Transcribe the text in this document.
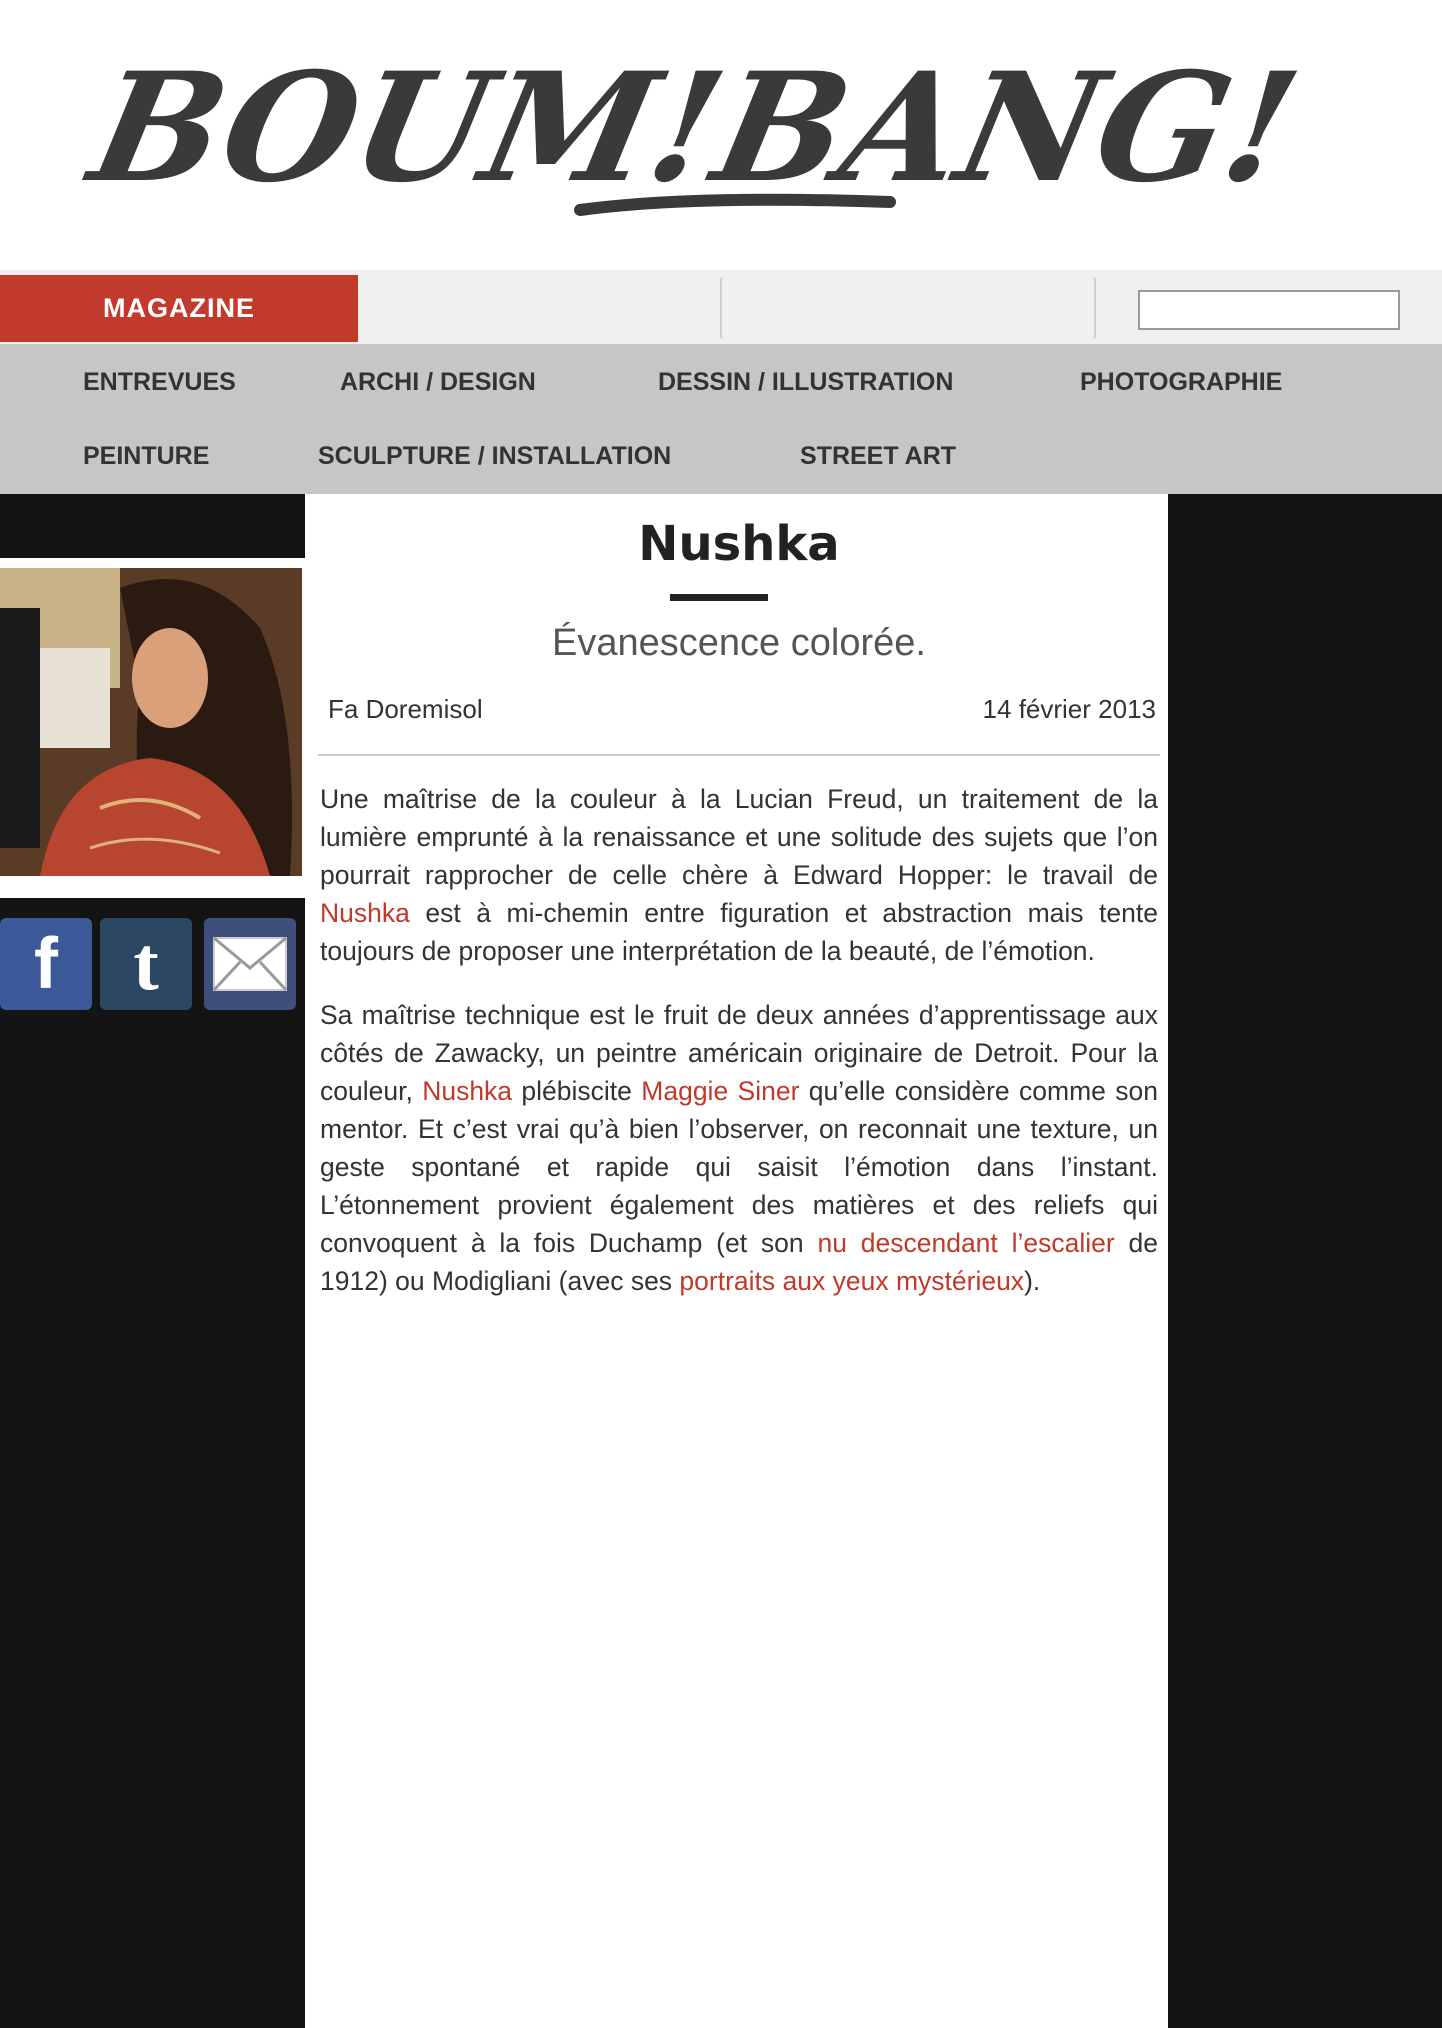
BOUM!BANG!
MAGAZINE
ENTREVUES	ARCHI / DESIGN	DESSIN / ILLUSTRATION	PHOTOGRAPHIE
PEINTURE	SCULPTURE / INSTALLATION	STREET ART
f t
Nushka
Évanescence colorée.
Fa Doremisol	14 février 2013

Une maîtrise de la couleur à la Lucian Freud, un traitement de la lumière emprunté à la renaissance et une solitude des sujets que l’on pourrait rapprocher de celle chère à Edward Hopper: le travail de Nushka est à mi-chemin entre figuration et abstraction mais tente toujours de proposer une interprétation de la beauté, de l’émotion.

Sa maîtrise technique est le fruit de deux années d’apprentissage aux côtés de Zawacky, un peintre américain originaire de Detroit. Pour la couleur, Nushka plébiscite Maggie Siner qu’elle considère comme son mentor. Et c’est vrai qu’à bien l’observer, on reconnait une texture, un geste spontané et rapide qui saisit l’émotion dans l’instant. L’étonnement provient également des matières et des reliefs qui convoquent à la fois Duchamp (et son nu descendant l’escalier de 1912) ou Modigliani (avec ses portraits aux yeux mystérieux).
